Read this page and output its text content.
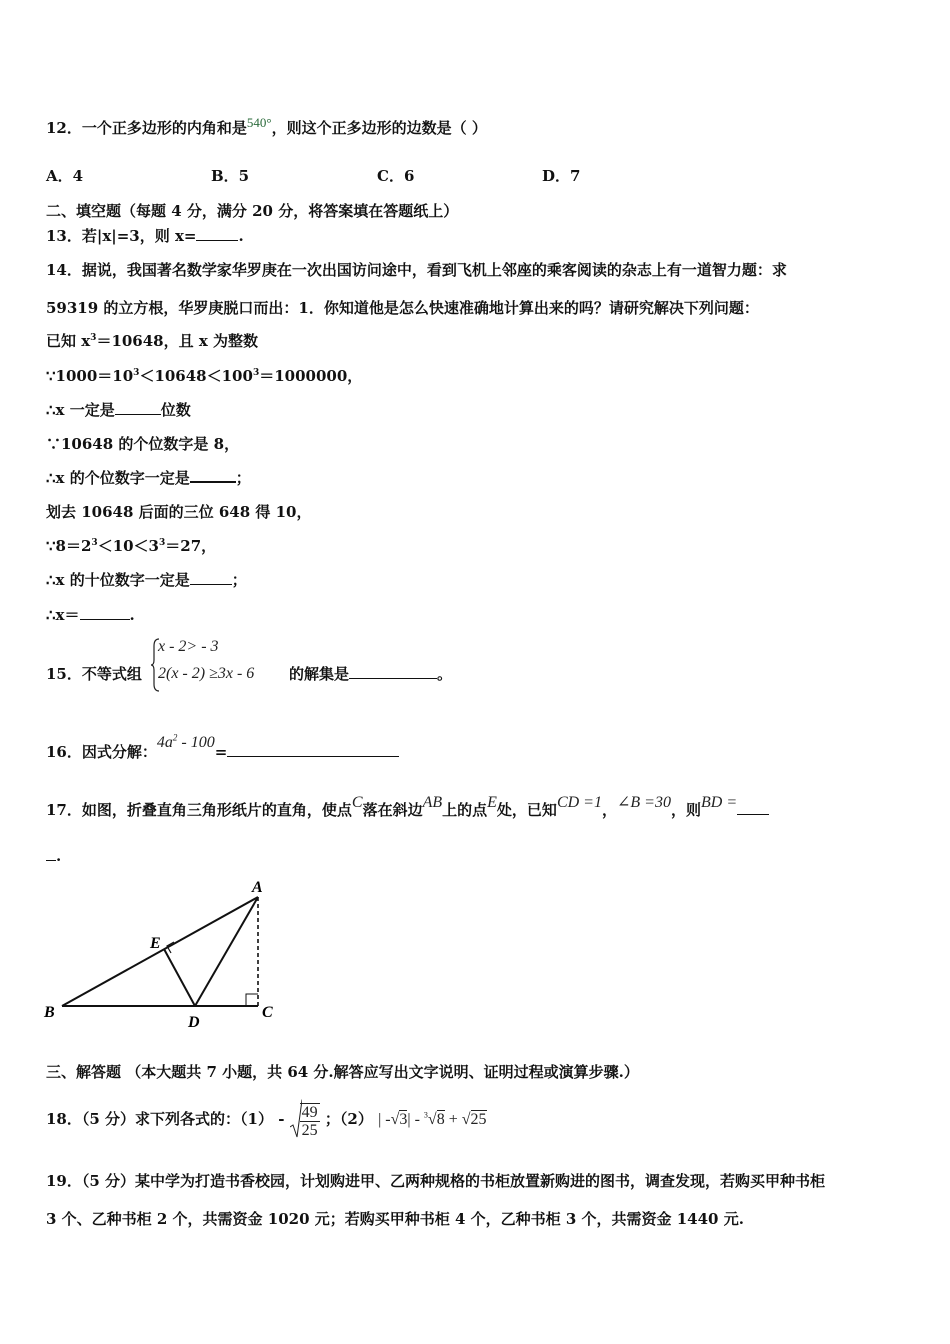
12．一个正多边形的内角和是540°，则这个正多边形的边数是（ ）
A．4	B．5	C．6	D．7
二、填空题（每题 4 分，满分 20 分，将答案填在答题纸上）
13．若|x|=3，则 x=	.
14．据说，我国著名数学家华罗庚在一次出国访问途中，看到飞机上邻座的乘客阅读的杂志上有一道智力题：求
59319 的立方根，华罗庚脱口而出：1．你知道他是怎么快速准确地计算出来的吗？请研究解决下列问题：
已知 $x^3=10648$，且 x 为整数
$\because 1000=10^3<10648<100^3=1000000$，
∴x 一定是	位数
∵10648 的个位数字是 8，
∴x 的个位数字一定是	；
划去 10648 后面的三位 648 得 10，
$\because 8=2^3<10<3^3=27$，
∴x 的十位数字一定是	；
∴x＝	.
15．不等式组
x - 2> - 3
2(x - 2) ≥3x - 6 的解集是	。
16．因式分解：$4a^2 - 100=$
17．如图，折叠直角三角形纸片的直角，使点C落在斜边AB上的点E处，已知CD =1，∠B =30，则BD =
.
B
A
E
D
C
三、解答题 （本大题共 7 小题，共 64 分.解答应写出文字说明、证明过程或演算步骤.）
18．（5 分）求下列各式的：$(1) - \frac{49}{25}$ ；（2） | -√3| - $^3$√8 + √25
19．（5 分）某中学为打造书香校园，计划购进甲、乙两种规格的书柜放置新购进的图书，调查发现，若购买甲种书柜
3 个、乙种书柜 2 个，共需资金 1020 元；若购买甲种书柜 4 个，乙种书柜 3 个，共需资金 1440 元.
